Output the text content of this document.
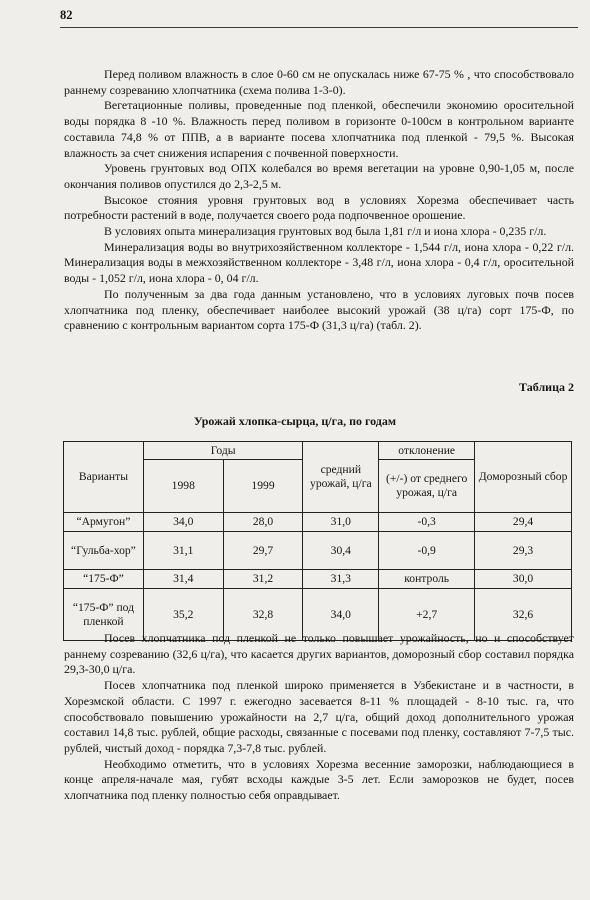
82

Перед поливом влажность в слое 0-60 см не опускалась ниже 67-75 % , что способствовало раннему созреванию хлопчатника (схема полива 1-3-0).

Вегетационные поливы, проведенные под пленкой, обеспечили экономию оросительной воды порядка 8 -10 %. Влажность перед поливом в горизонте 0-100см в контрольном варианте составила 74,8 % от ППВ, а в варианте посева хлопчатника под пленкой - 79,5 %. Высокая влажность за счет снижения испарения с почвенной поверхности.

Уровень грунтовых вод ОПХ колебался во время вегетации на уровне 0,90-1,05 м, после окончания поливов опустился до 2,3-2,5 м.

Высокое стояния уровня грунтовых вод в условиях Хорезма обеспечивает часть потребности растений в воде, получается своего рода подпочвенное орошение.

В условиях опыта минерализация грунтовых вод была 1,81 г/л и иона хлора - 0,235 г/л.

Минерализация воды во внутрихозяйственном коллекторе - 1,544 г/л, иона хлора - 0,22 г/л. Минерализация воды в межхозяйственном коллекторе - 3,48 г/л, иона хлора - 0,4 г/л, оросительной воды - 1,052 г/л, иона хлора - 0, 04 г/л.

По полученным за два года данным установлено, что в условиях луговых почв посев хлопчатника под пленку, обеспечивает наиболее высокий урожай (38 ц/га) сорт 175-Ф, по сравнению с контрольным вариантом сорта 175-Ф (31,3 ц/га) (табл. 2).

Таблица 2
Урожай хлопка-сырца, ц/га, по годам
Варианты	Годы		средний урожай, ц/га	отклонение	Доморозный сбор
	1998	1999		(+/-) от среднего урожая, ц/га	
“Армугон”	34,0	28,0	31,0	-0,3	29,4
“Гульба-хор”	31,1	29,7	30,4	-0,9	29,3
“175-Ф”	31,4	31,2	31,3	контроль	30,0
“175-Ф” под пленкой	35,2	32,8	34,0	+2,7	32,6

Посев хлопчатника под пленкой не только повышает урожайность, но и способствует раннему созреванию (32,6 ц/га), что касается других вариантов, доморозный сбор составил порядка 29,3-30,0 ц/га.

Посев хлопчатника под пленкой широко применяется в Узбекистане и в частности, в Хорезмской области. С 1997 г. ежегодно засевается 8-11 % площадей - 8-10 тыс. га, что способствовало повышению урожайности на 2,7 ц/га, общий доход дополнительного урожая составил 14,8 тыс. рублей, общие расходы, связанные с посевами под пленку, составляют 7-7,5 тыс. рублей, чистый доход - порядка 7,3-7,8 тыс. рублей.

Необходимо отметить, что в условиях Хорезма весенние заморозки, наблюдающиеся в конце апреля-начале мая, губят всходы каждые 3-5 лет. Если заморозков не будет, посев хлопчатника под пленку полностью себя оправдывает.
